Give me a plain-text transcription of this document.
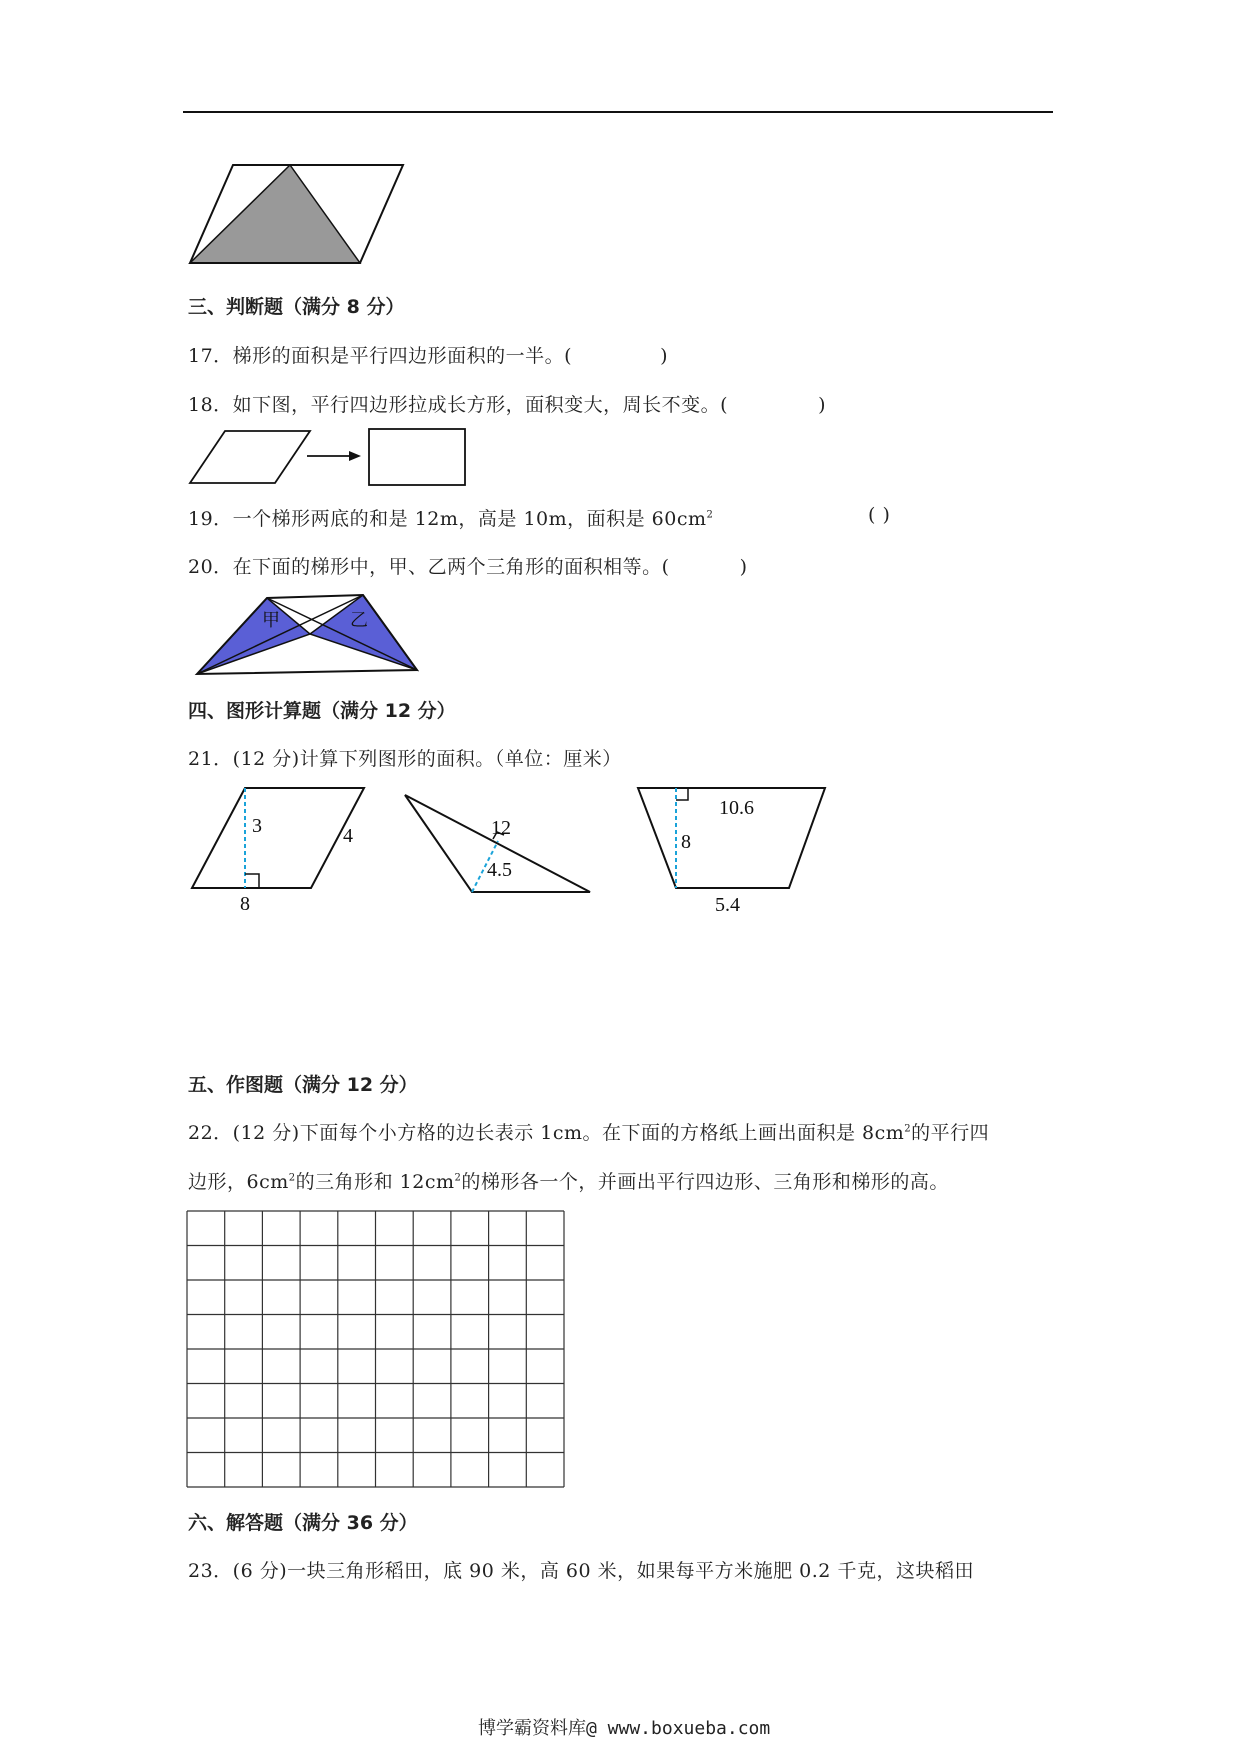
三、判断题（满分 8 分）
17．梯形的面积是平行四边形面积的一半。(	)
18．如下图，平行四边形拉成长方形，面积变大，周长不变。(	)
19．一个梯形两底的和是 12m，高是 10m，面积是 $60cm^2$	( )
20．在下面的梯形中，甲、乙两个三角形的面积相等。(	)
甲	乙
四、图形计算题（满分 12 分）
21．(12 分)计算下列图形的面积。（单位：厘米）
3	4
8
12
4.5
10.6
8
5.4
五、作图题（满分 12 分）
22．(12 分)下面每个小方格的边长表示 1cm。在下面的方格纸上画出面积是 $8cm^2$的平行四
边形，$6cm^2$的三角形和 $12cm^2$的梯形各一个，并画出平行四边形、三角形和梯形的高。
六、解答题（满分 36 分）
23．(6 分)一块三角形稻田，底 90 米，高 60 米，如果每平方米施肥 0.2 千克，这块稻田
博学霸资料库@ www.boxueba.com
